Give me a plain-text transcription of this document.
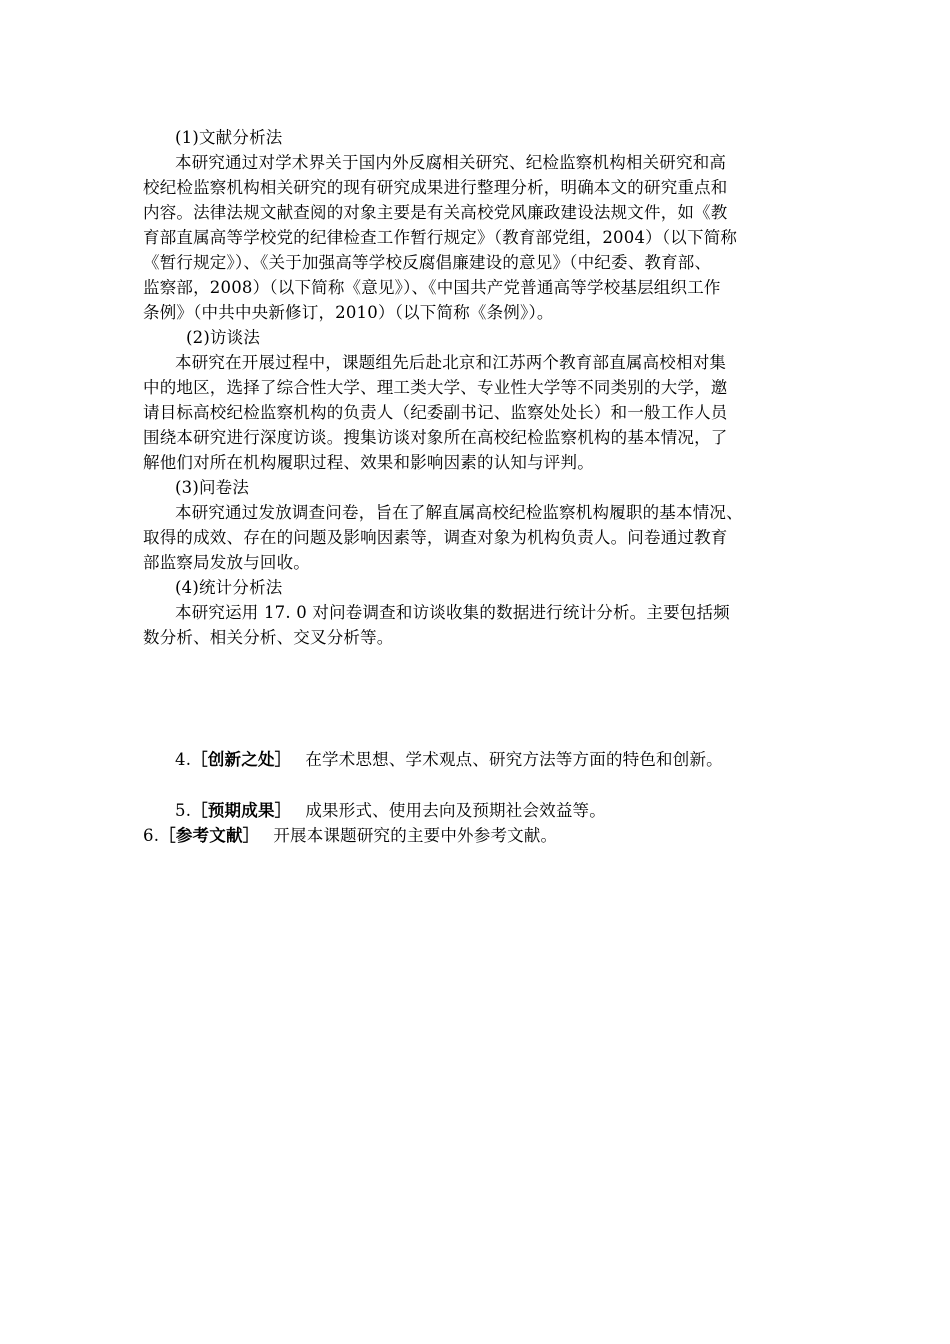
(1)文献分析法
本研究通过对学术界关于国内外反腐相关研究、纪检监察机构相关研究和高
校纪检监察机构相关研究的现有研究成果进行整理分析，明确本文的研究重点和
内容。法律法规文献查阅的对象主要是有关高校党风廉政建设法规文件，如《教
育部直属高等学校党的纪律检查工作暂行规定》（教育部党组，2004）（以下简称
《暂行规定》）、《关于加强高等学校反腐倡廉建设的意见》（中纪委、教育部、
监察部，2008）（以下简称《意见》）、《中国共产党普通高等学校基层组织工作
条例》（中共中央新修订，2010）（以下简称《条例》）。
(2)访谈法
本研究在开展过程中，课题组先后赴北京和江苏两个教育部直属高校相对集
中的地区，选择了综合性大学、理工类大学、专业性大学等不同类别的大学，邀
请目标高校纪检监察机构的负责人（纪委副书记、监察处处长）和一般工作人员
围绕本研究进行深度访谈。搜集访谈对象所在高校纪检监察机构的基本情况，了
解他们对所在机构履职过程、效果和影响因素的认知与评判。
(3)问卷法
本研究通过发放调查问卷，旨在了解直属高校纪检监察机构履职的基本情况、
取得的成效、存在的问题及影响因素等，调查对象为机构负责人。问卷通过教育
部监察局发放与回收。
(4)统计分析法
本研究运用 17. 0 对问卷调查和访谈收集的数据进行统计分析。主要包括频
数分析、相关分析、交叉分析等。
4.［创新之处］ 在学术思想、学术观点、研究方法等方面的特色和创新。
5.［预期成果］ 成果形式、使用去向及预期社会效益等。
6.［参考文献］ 开展本课题研究的主要中外参考文献。
